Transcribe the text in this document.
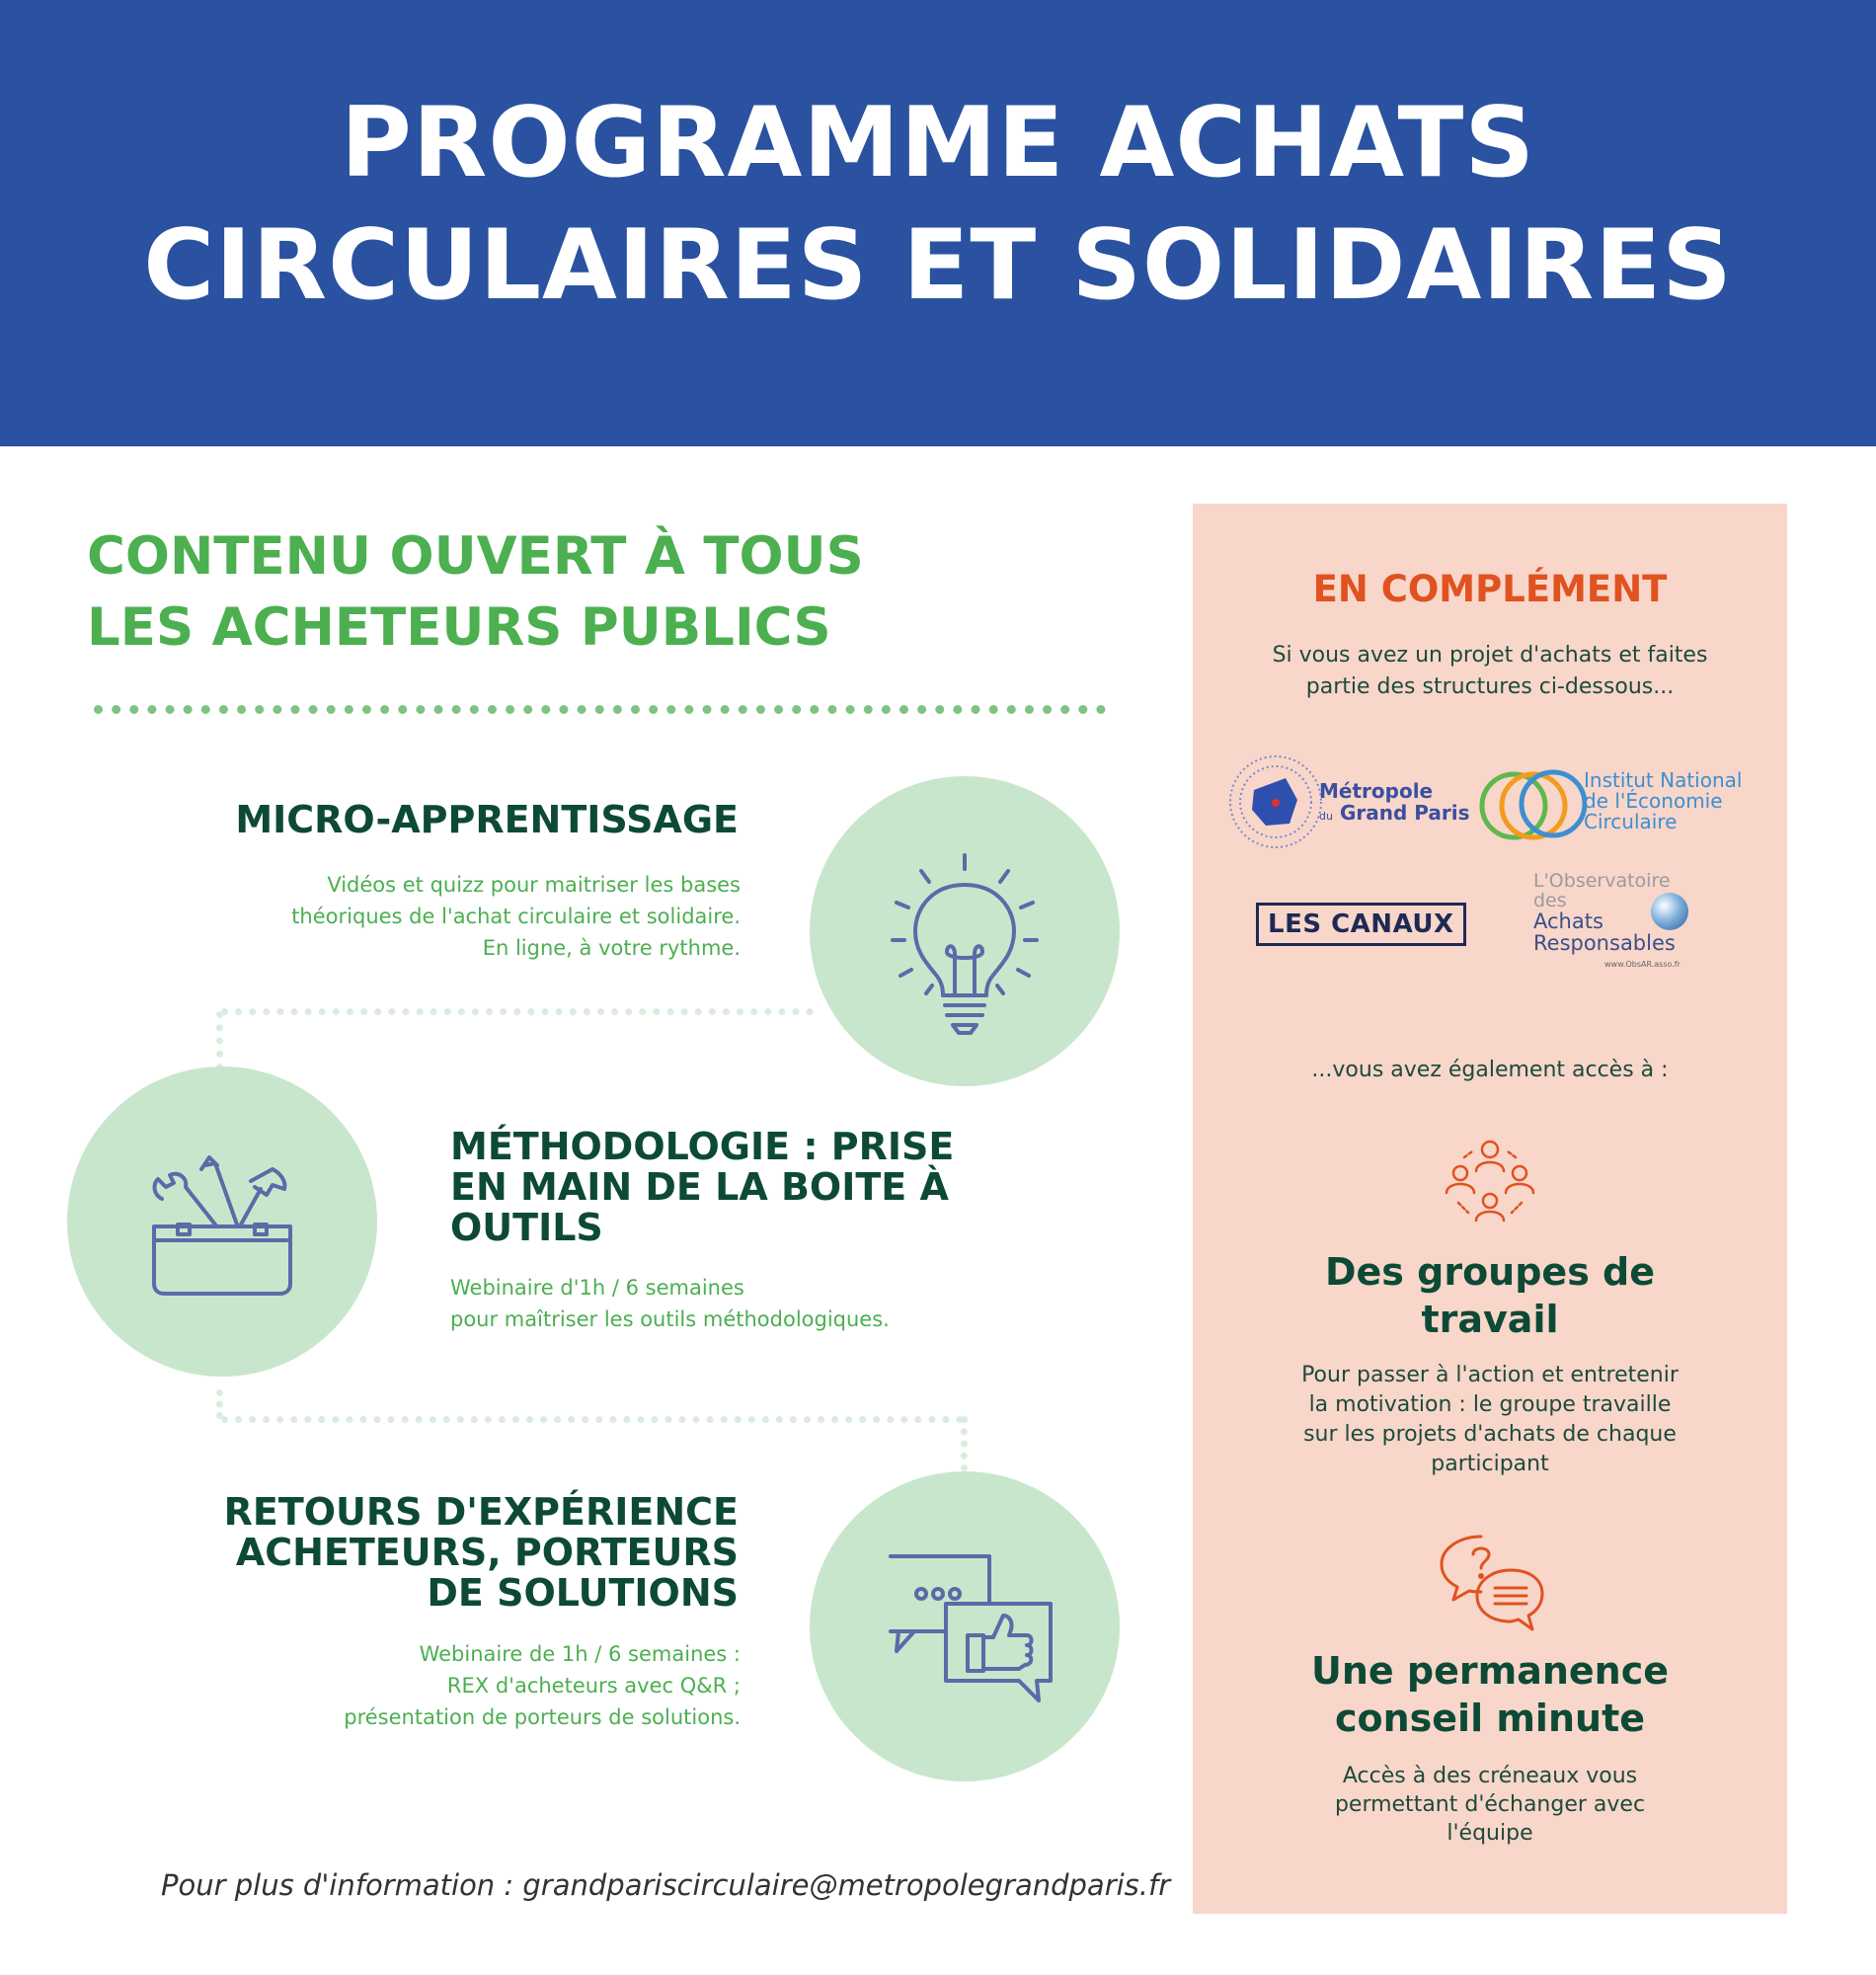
PROGRAMME ACHATS
CIRCULAIRES ET SOLIDAIRES
CONTENU OUVERT À TOUS
LES ACHETEURS PUBLICS
MICRO-APPRENTISSAGE
Vidéos et quizz pour maitriser les bases
théoriques de l'achat circulaire et solidaire.
En ligne, à votre rythme.
MÉTHODOLOGIE : PRISE
EN MAIN DE LA BOITE À
OUTILS
Webinaire d'1h / 6 semaines
pour maîtriser les outils méthodologiques.
RETOURS D'EXPÉRIENCE
ACHETEURS, PORTEURS
DE SOLUTIONS
Webinaire de 1h / 6 semaines :
REX d'acheteurs avec Q&R ;
présentation de porteurs de solutions.
Pour plus d'information : grandpariscirculaire@metropolegrandparis.fr
EN COMPLÉMENT
Si vous avez un projet d'achats et faites
partie des structures ci-dessous...
Métropole
du Grand Paris
Institut National
de l'Économie
Circulaire
LES CANAUX
L'Observatoire
des
Achats
Responsables
www.ObsAR.asso.fr
...vous avez également accès à :
Des groupes de
travail
Pour passer à l'action et entretenir
la motivation : le groupe travaille
sur les projets d'achats de chaque
participant
Une permanence
conseil minute
Accès à des créneaux vous
permettant d'échanger avec
l'équipe
